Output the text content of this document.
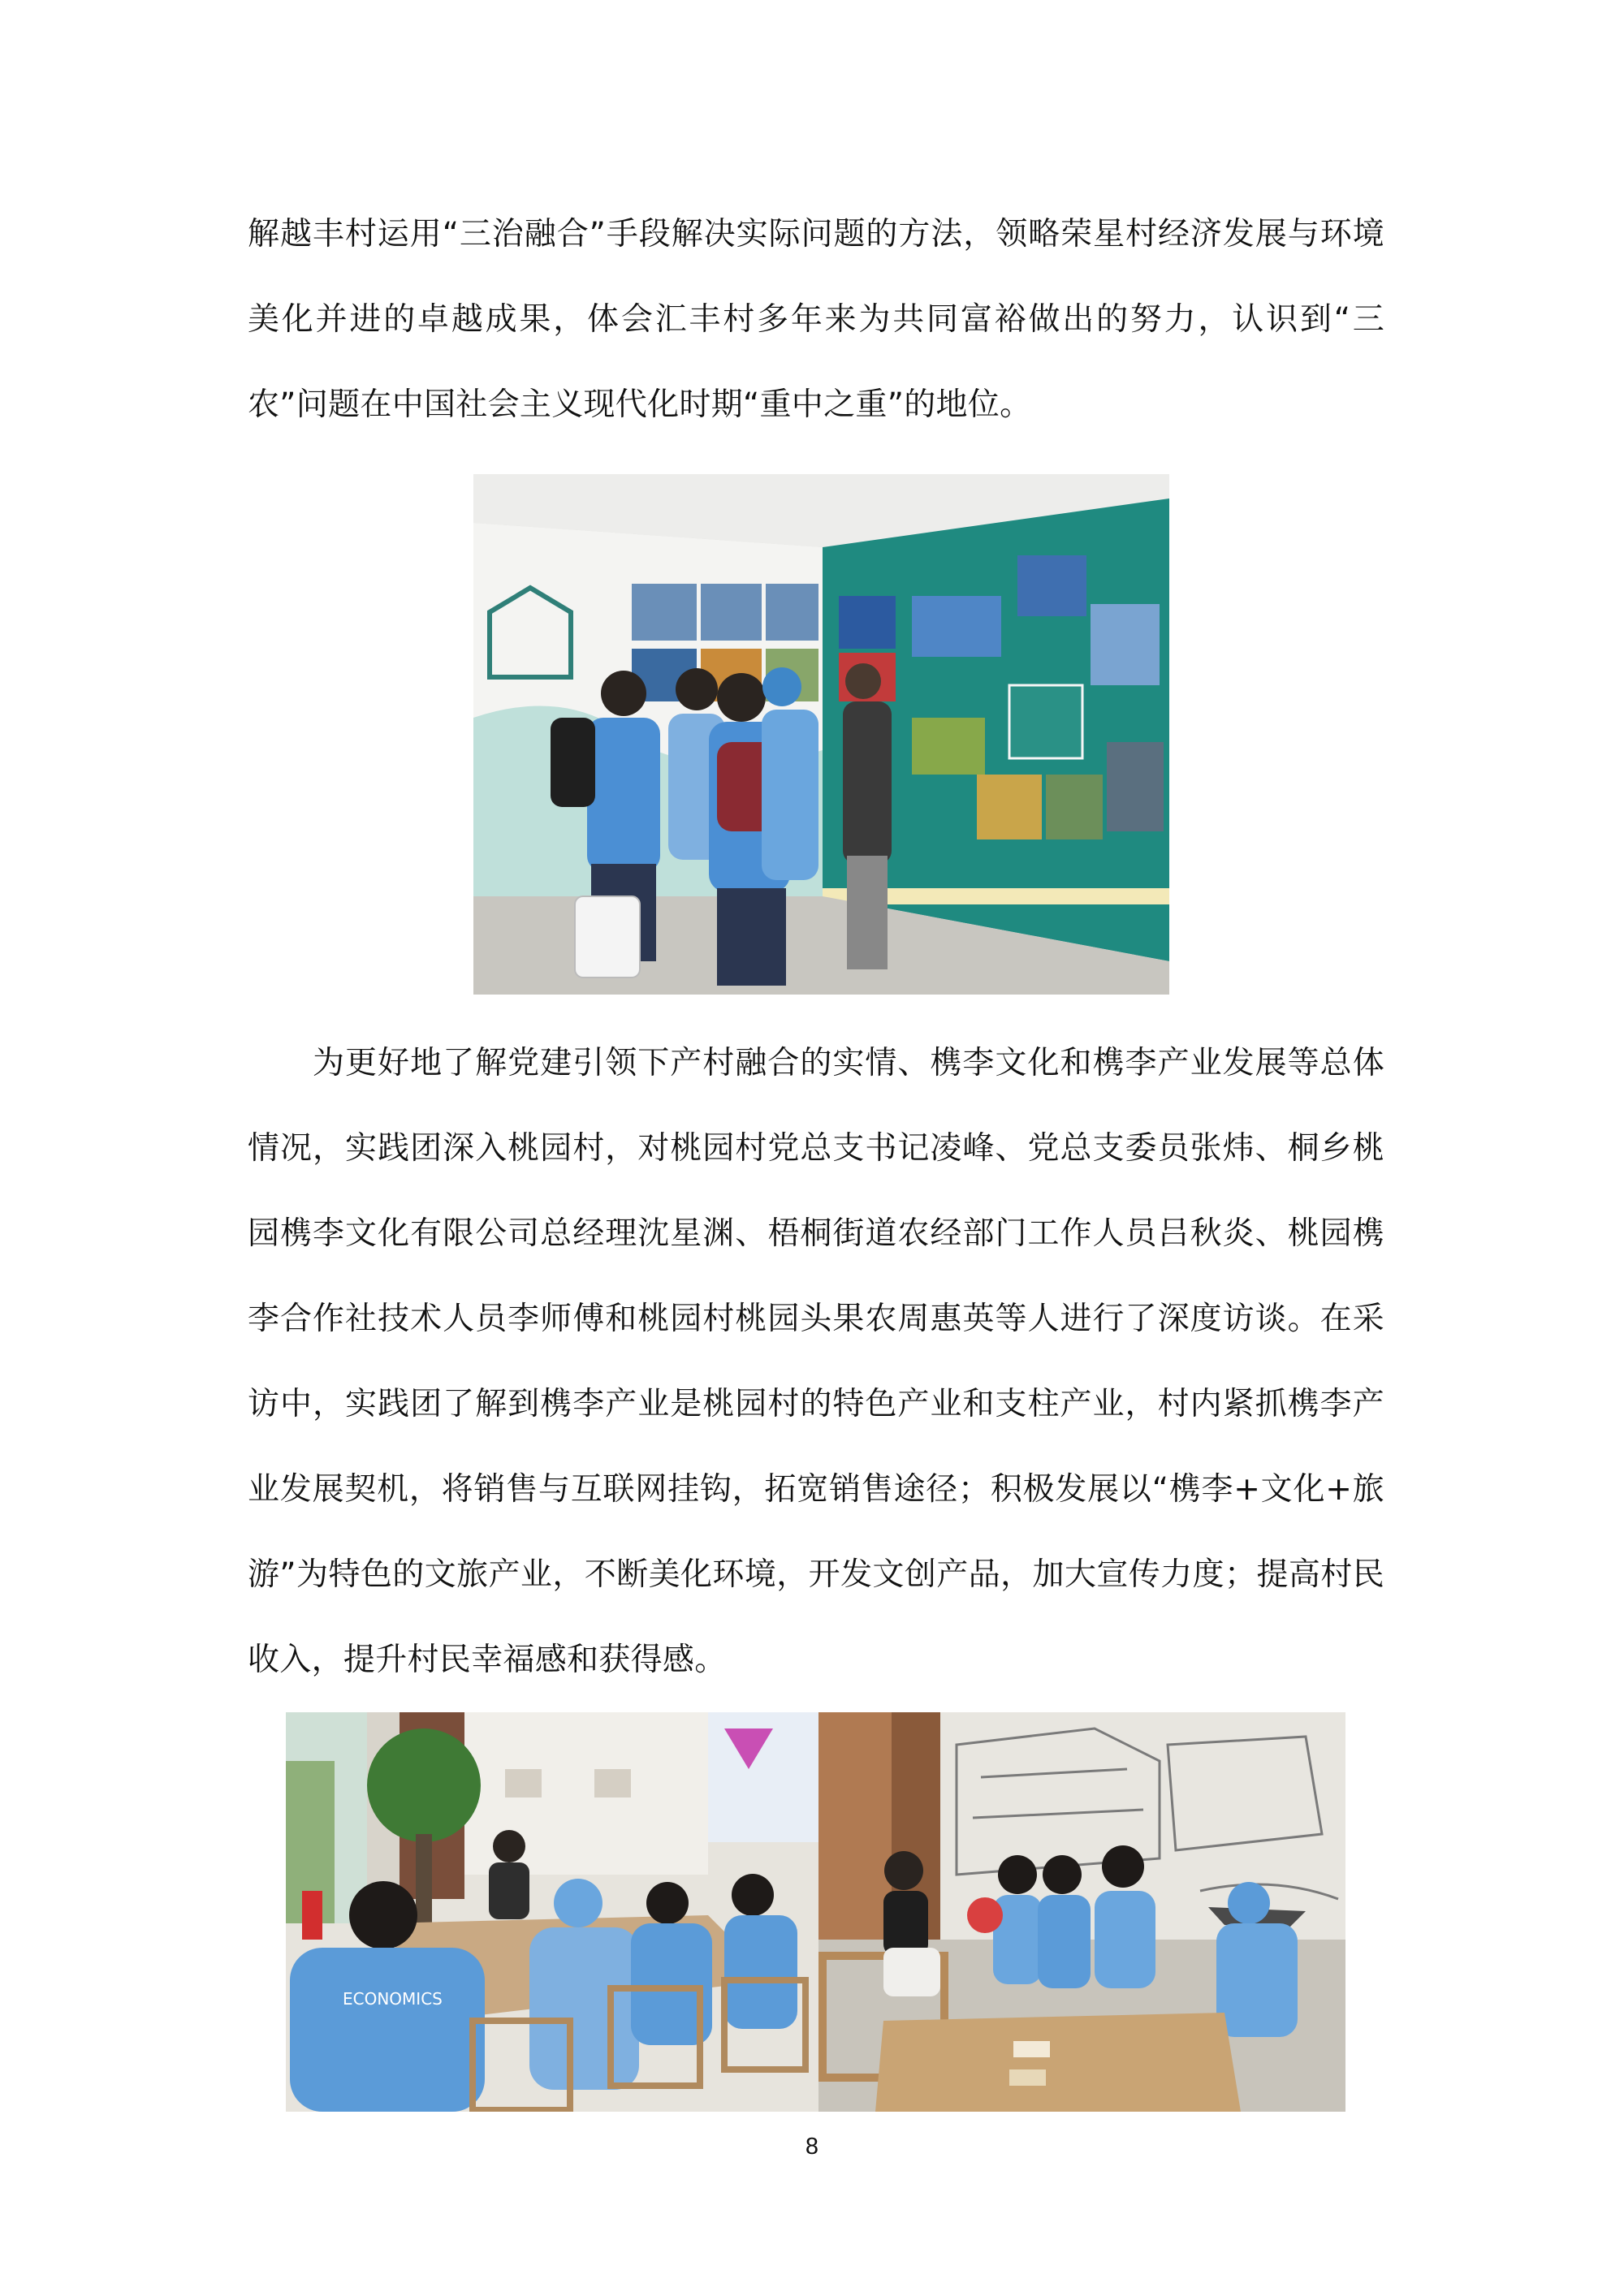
解越丰村运用“三治融合”手段解决实际问题的方法，领略荣星村经济发展与环境美化并进的卓越成果，体会汇丰村多年来为共同富裕做出的努力，认识到“三农”问题在中国社会主义现代化时期“重中之重”的地位。

为更好地了解党建引领下产村融合的实情、槜李文化和槜李产业发展等总体情况，实践团深入桃园村，对桃园村党总支书记凌峰、党总支委员张炜、桐乡桃园槜李文化有限公司总经理沈星渊、梧桐街道农经部门工作人员吕秋炎、桃园槜李合作社技术人员李师傅和桃园村桃园头果农周惠英等人进行了深度访谈。在采访中，实践团了解到槜李产业是桃园村的特色产业和支柱产业，村内紧抓槜李产业发展契机，将销售与互联网挂钩，拓宽销售途径；积极发展以“槜李+文化+旅游”为特色的文旅产业，不断美化环境，开发文创产品，加大宣传力度；提高村民收入，提升村民幸福感和获得感。

ECONOMICS
8
